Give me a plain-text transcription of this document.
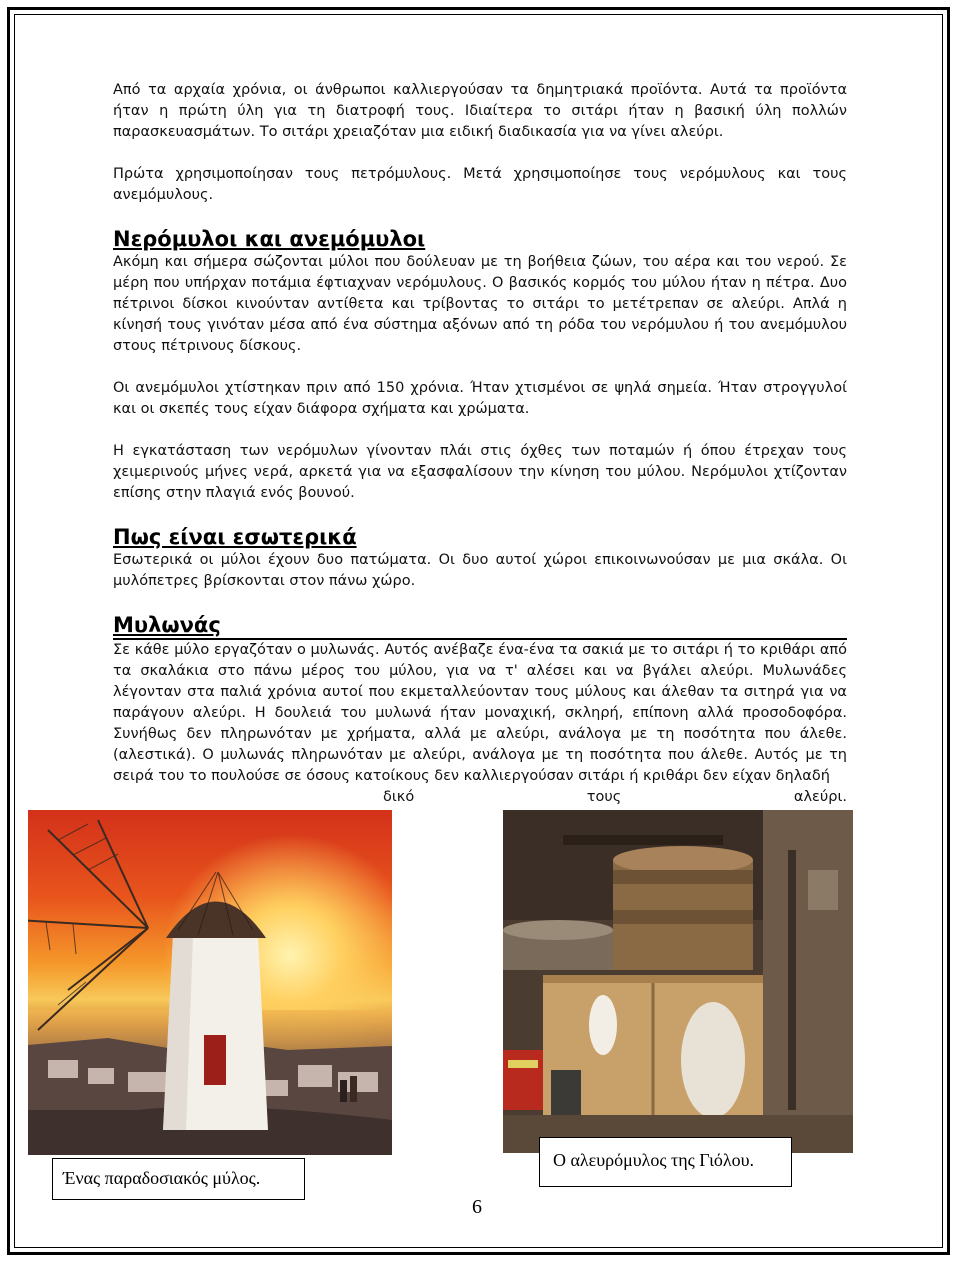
Από τα αρχαία χρόνια, οι άνθρωποι καλλιεργούσαν τα δημητριακά προϊόντα. Αυτά τα προϊόντα ήταν η πρώτη ύλη για τη διατροφή τους. Ιδιαίτερα το σιτάρι ήταν η βασική ύλη πολλών παρασκευασμάτων. Το σιτάρι χρειαζόταν μια ειδική διαδικασία για να γίνει αλεύρι.

Πρώτα χρησιμοποίησαν τους πετρόμυλους. Μετά χρησιμοποίησε τους νερόμυλους και τους ανεμόμυλους.

Νερόμυλοι και ανεμόμυλοι

Ακόμη και σήμερα σώζονται μύλοι που δούλευαν με τη βοήθεια ζώων, του αέρα και του νερού. Σε μέρη που υπήρχαν ποτάμια έφτιαχναν νερόμυλους. Ο βασικός κορμός του μύλου ήταν η πέτρα. Δυο πέτρινοι δίσκοι κινούνταν αντίθετα και τρίβοντας το σιτάρι το μετέτρεπαν σε αλεύρι. Απλά η κίνησή τους γινόταν μέσα από ένα σύστημα αξόνων από τη ρόδα του νερόμυλου ή του ανεμόμυλου στους πέτρινους δίσκους.

Οι ανεμόμυλοι χτίστηκαν πριν από 150 χρόνια. Ήταν χτισμένοι σε ψηλά σημεία. Ήταν στρογγυλοί και οι σκεπές τους είχαν διάφορα σχήματα και χρώματα.

Η εγκατάσταση των νερόμυλων γίνονταν πλάι στις όχθες των ποταμών ή όπου έτρεχαν τους χειμερινούς μήνες νερά, αρκετά για να εξασφαλίσουν την κίνηση του μύλου. Νερόμυλοι χτίζονταν επίσης στην πλαγιά ενός βουνού.

Πως είναι εσωτερικά

Εσωτερικά οι μύλοι έχουν δυο πατώματα. Οι δυο αυτοί χώροι επικοινωνούσαν με μια σκάλα. Οι μυλόπετρες βρίσκονται στον πάνω χώρο.

Μυλωνάς

Σε κάθε μύλο εργαζόταν ο μυλωνάς. Αυτός ανέβαζε ένα-ένα τα σακιά με το σιτάρι ή το κριθάρι από τα σκαλάκια στο πάνω μέρος του μύλου, για να τ' αλέσει και να βγάλει αλεύρι. Μυλωνάδες λέγονταν στα παλιά χρόνια αυτοί που εκμεταλλεύονταν τους μύλους και άλεθαν τα σιτηρά για να παράγουν αλεύρι. Η δουλειά του μυλωνά ήταν μοναχική, σκληρή, επίπονη αλλά προσοδοφόρα. Συνήθως δεν πληρωνόταν με χρήματα, αλλά με αλεύρι, ανάλογα με τη ποσότητα που άλεθε. (αλεστικά). Ο μυλωνάς πληρωνόταν με αλεύρι, ανάλογα με τη ποσότητα που άλεθε. Αυτός με τη σειρά του το πουλούσε σε όσους κατοίκους δεν καλλιεργούσαν σιτάρι ή κριθάρι δεν είχαν δηλαδή

δικό τους αλεύρι.

Ένας παραδοσιακός μύλος.
Ο αλευρόμυλος της Γιόλου.
6
